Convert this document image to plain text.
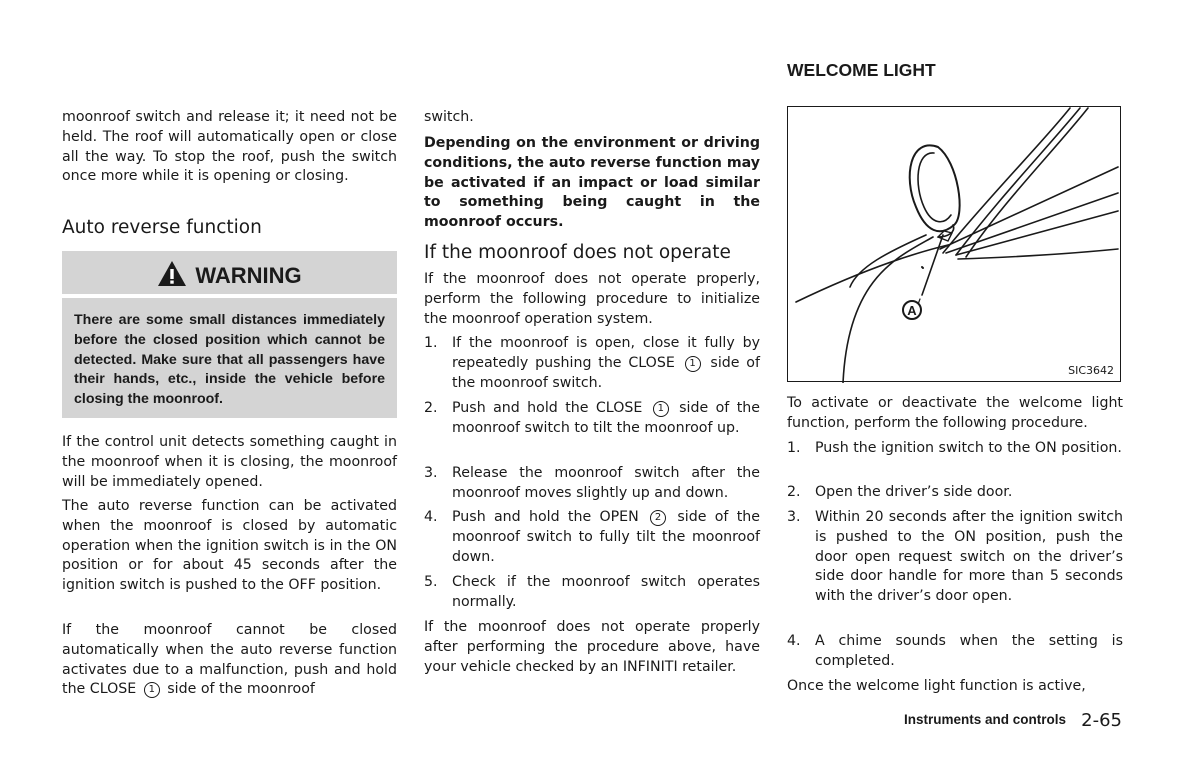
moonroof switch and release it; it need not be held. The roof will automatically open or close all the way. To stop the roof, push the switch once more while it is opening or closing.

Auto reverse function
WARNING
There are some small distances immediately before the closed position which cannot be detected. Make sure that all passengers have their hands, etc., inside the vehicle before closing the moonroof.

If the control unit detects something caught in the moonroof when it is closing, the moonroof will be immediately opened.

The auto reverse function can be activated when the moonroof is closed by automatic operation when the ignition switch is in the ON position or for about 45 seconds after the ignition switch is pushed to the OFF position.

If the moonroof cannot be closed automatically when the auto reverse function activates due to a malfunction, push and hold the CLOSE 1 side of the moonroof

switch.

Depending on the environment or driving conditions, the auto reverse function may be activated if an impact or load similar to something being caught in the moonroof occurs.

If the moonroof does not operate

If the moonroof does not operate properly, perform the following procedure to initialize the moonroof operation system.

1. If the moonroof is open, close it fully by repeatedly pushing the CLOSE 1 side of the moonroof switch.
2. Push and hold the CLOSE 1 side of the moonroof switch to tilt the moonroof up.
3. Release the moonroof switch after the moonroof moves slightly up and down.
4. Push and hold the OPEN 2 side of the moonroof switch to fully tilt the moonroof down.
5. Check if the moonroof switch operates normally.

If the moonroof does not operate properly after performing the procedure above, have your vehicle checked by an INFINITI retailer.

WELCOME LIGHT
A
SIC3642

To activate or deactivate the welcome light function, perform the following procedure.

1. Push the ignition switch to the ON position.
2. Open the driver’s side door.
3. Within 20 seconds after the ignition switch is pushed to the ON position, push the door open request switch on the driver’s side door handle for more than 5 seconds with the driver’s door open.
4. A chime sounds when the setting is completed.

Once the welcome light function is active,

Instruments and controls 2-65
